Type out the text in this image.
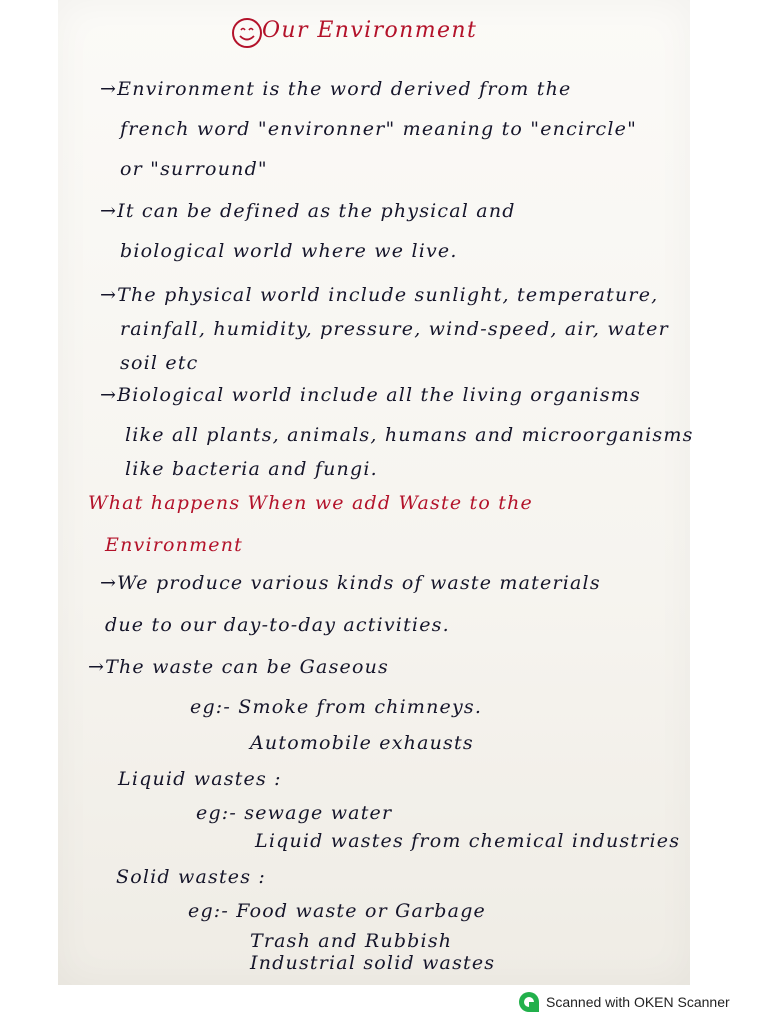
Our Environment
→Environment is the word derived from the
french word "environner" meaning to "encircle"
or "surround"
→It can be defined as the physical and
biological world where we live.
→The physical world include sunlight, temperature,
rainfall, humidity, pressure, wind-speed, air, water
soil etc
→Biological world include all the living organisms
like all plants, animals, humans and microorganisms
like bacteria and fungi.
What happens When we add Waste to the
Environment
→We produce various kinds of waste materials
due to our day-to-day activities.
→The waste can be Gaseous
eg:- Smoke from chimneys.
Automobile exhausts
Liquid wastes :
eg:- sewage water
Liquid wastes from chemical industries
Solid wastes :
eg:- Food waste or Garbage
Trash and Rubbish
Industrial solid wastes
Scanned with OKEN Scanner
